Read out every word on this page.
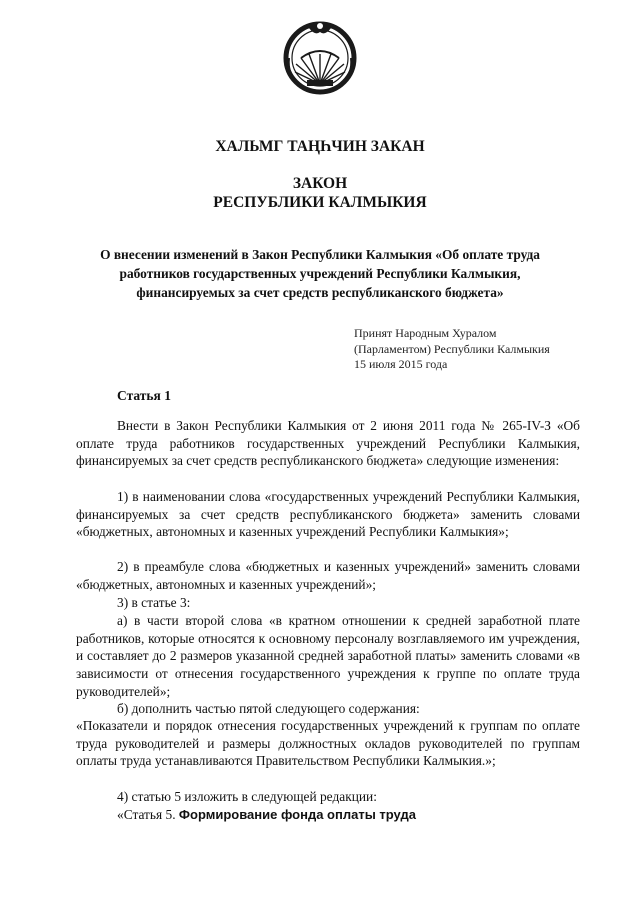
ХАЛЬМГ ТАҢҺЧИН ЗАКАН
ЗАКОН
РЕСПУБЛИКИ КАЛМЫКИЯ
О внесении изменений в Закон Республики Калмыкия «Об оплате труда
работников государственных учреждений Республики Калмыкия,
финансируемых за счет средств республиканского бюджета»
Принят Народным Хуралом
(Парламентом) Республики Калмыкия
15 июля 2015 года
Статья 1
Внести в Закон Республики Калмыкия от 2 июня 2011 года № 265-IV-З «Об оплате труда работников государственных учреждений Республики Калмыкия, финансируемых за счет средств республиканского бюджета» следующие изменения:
1) в наименовании слова «государственных учреждений Республики Калмыкия, финансируемых за счет средств республиканского бюджета» заменить словами «бюджетных, автономных и казенных учреждений Республики Калмыкия»;
2) в преамбуле слова «бюджетных и казенных учреждений» заменить словами «бюджетных, автономных и казенных учреждений»;
3) в статье 3:
а) в части второй слова «в кратном отношении к средней заработной плате работников, которые относятся к основному персоналу возглавляемого им учреждения, и составляет до 2 размеров указанной средней заработной платы» заменить словами «в зависимости от отнесения государственного учреждения к группе по оплате труда руководителей»;
б) дополнить частью пятой следующего содержания:
«Показатели и порядок отнесения государственных учреждений к группам по оплате труда руководителей и размеры должностных окладов руководителей по группам оплаты труда устанавливаются Правительством Республики Калмыкия.»;
4) статью 5 изложить в следующей редакции:
«Статья 5. Формирование фонда оплаты труда
